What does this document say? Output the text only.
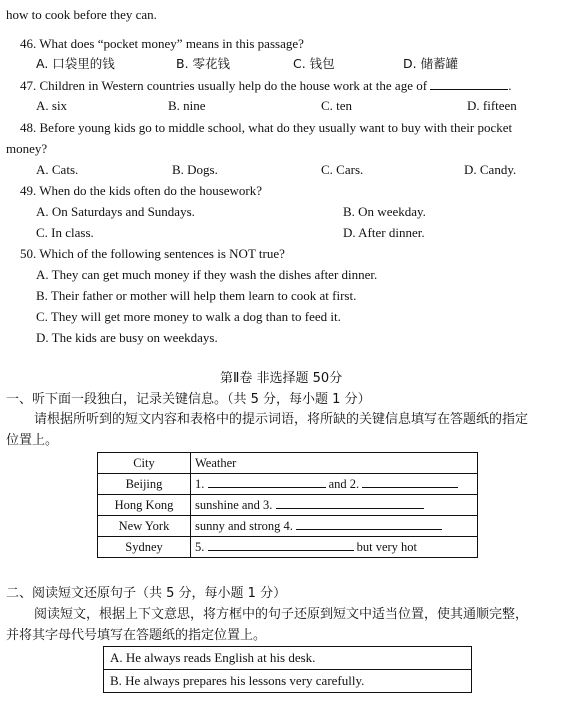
how to cook before they can.
46. What does “pocket money” means in this passage?
A. 口袋里的钱	B. 零花钱	C. 钱包	D. 储蓄罐
47. Children in Western countries usually help do the house work at the age of	.
A. six	B. nine	C. ten	D. fifteen
48. Before young kids go to middle school, what do they usually want to buy with their pocket
money?
A. Cats.	B. Dogs.	C. Cars.	D. Candy.
49. When do the kids often do the housework?
A. On Saturdays and Sundays.	B. On weekday.
C. In class.	D. After dinner.
50. Which of the following sentences is NOT true?
A. They can get much money if they wash the dishes after dinner.
B. Their father or mother will help them learn to cook at first.
C. They will get more money to walk a dog than to feed it.
D. The kids are busy on weekdays.
第Ⅱ卷 非选择题 50分
一、听下面一段独白，记录关键信息。（共 5 分，每小题 1 分）
请根据所听到的短文内容和表格中的提示词语，将所缺的关键信息填写在答题纸的指定
位置上。
City	Weather
Beijing	1. and 2.
Hong Kong	sunshine and 3.
New York	sunny and strong 4.
Sydney	5. but very hot
二、阅读短文还原句子（共 5 分，每小题 1 分）
阅读短文，根据上下文意思，将方框中的句子还原到短文中适当位置，使其通顺完整，
并将其字母代号填写在答题纸的指定位置上。
A. He always reads English at his desk.
B. He always prepares his lessons very carefully.
